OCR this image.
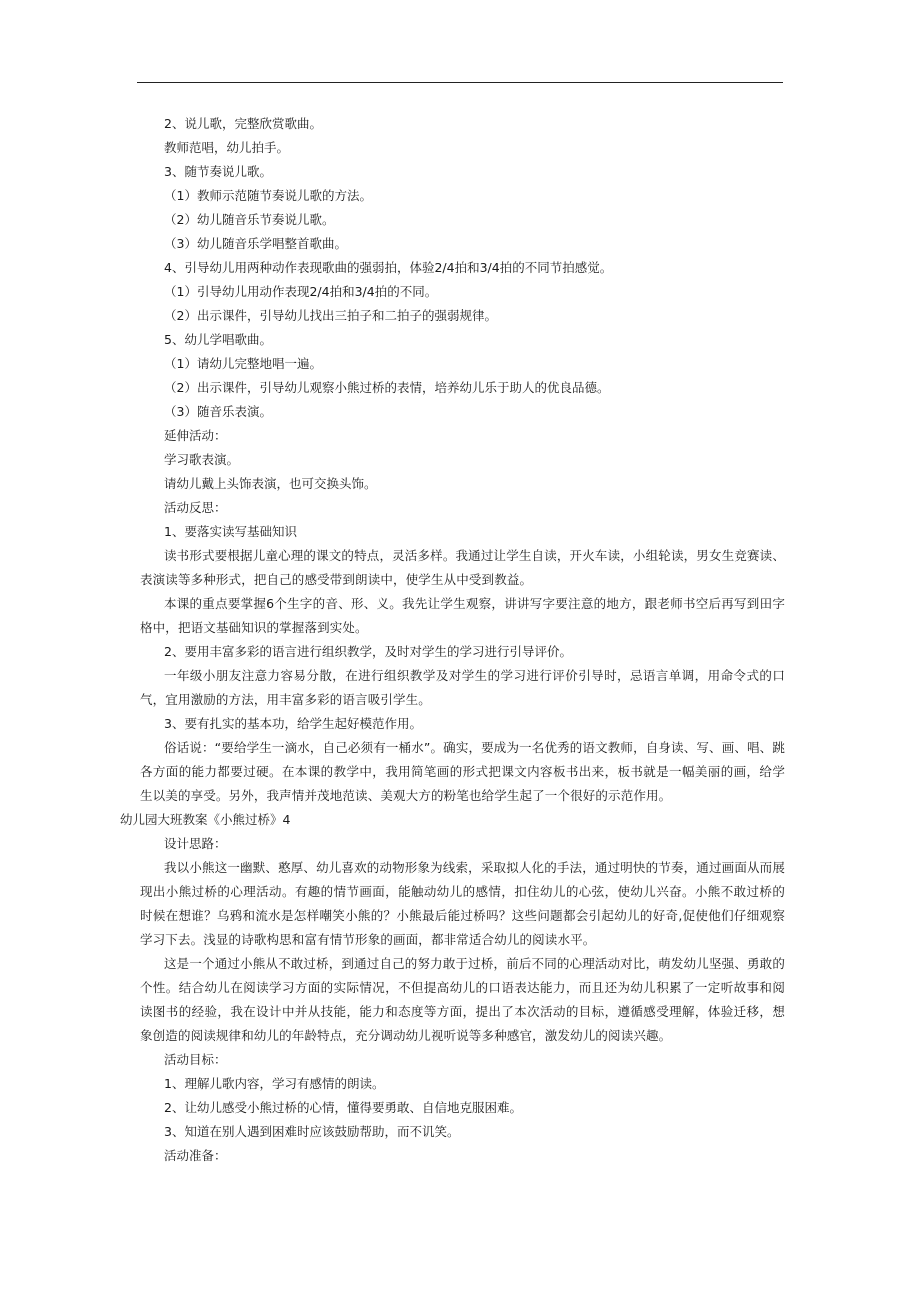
2、说儿歌，完整欣赏歌曲。
教师范唱，幼儿拍手。
3、随节奏说儿歌。
（1）教师示范随节奏说儿歌的方法。
（2）幼儿随音乐节奏说儿歌。
（3）幼儿随音乐学唱整首歌曲。
4、引导幼儿用两种动作表现歌曲的强弱拍，体验2/4拍和3/4拍的不同节拍感觉。
（1）引导幼儿用动作表现2/4拍和3/4拍的不同。
（2）出示课件，引导幼儿找出三拍子和二拍子的强弱规律。
5、幼儿学唱歌曲。
（1）请幼儿完整地唱一遍。
（2）出示课件，引导幼儿观察小熊过桥的表情，培养幼儿乐于助人的优良品德。
（3）随音乐表演。
延伸活动：
学习歌表演。
请幼儿戴上头饰表演，也可交换头饰。
活动反思：
1、要落实读写基础知识
读书形式要根据儿童心理的课文的特点，灵活多样。我通过让学生自读，开火车读，小组轮读，男女生竞赛读、表演读等多种形式，把自己的感受带到朗读中，使学生从中受到教益。
本课的重点要掌握6个生字的音、形、义。我先让学生观察，讲讲写字要注意的地方，跟老师书空后再写到田字格中，把语文基础知识的掌握落到实处。
2、要用丰富多彩的语言进行组织教学，及时对学生的学习进行引导评价。
一年级小朋友注意力容易分散，在进行组织教学及对学生的学习进行评价引导时，忌语言单调，用命令式的口气，宜用激励的方法，用丰富多彩的语言吸引学生。
3、要有扎实的基本功，给学生起好模范作用。
俗话说：“要给学生一滴水，自己必须有一桶水”。确实，要成为一名优秀的语文教师，自身读、写、画、唱、跳各方面的能力都要过硬。在本课的教学中，我用简笔画的形式把课文内容板书出来，板书就是一幅美丽的画，给学生以美的享受。另外，我声情并茂地范读、美观大方的粉笔也给学生起了一个很好的示范作用。
幼儿园大班教案《小熊过桥》4
设计思路：
我以小熊这一幽默、憨厚、幼儿喜欢的动物形象为线索，采取拟人化的手法，通过明快的节奏，通过画面从而展现出小熊过桥的心理活动。有趣的情节画面，能触动幼儿的感情，扣住幼儿的心弦，使幼儿兴奋。小熊不敢过桥的时候在想谁？乌鸦和流水是怎样嘲笑小熊的？小熊最后能过桥吗？这些问题都会引起幼儿的好奇,促使他们仔细观察学习下去。浅显的诗歌构思和富有情节形象的画面，都非常适合幼儿的阅读水平。
这是一个通过小熊从不敢过桥，到通过自己的努力敢于过桥，前后不同的心理活动对比，萌发幼儿坚强、勇敢的个性。结合幼儿在阅读学习方面的实际情况，不但提高幼儿的口语表达能力，而且还为幼儿积累了一定听故事和阅读图书的经验，我在设计中并从技能，能力和态度等方面，提出了本次活动的目标，遵循感受理解，体验迁移，想象创造的阅读规律和幼儿的年龄特点，充分调动幼儿视听说等多种感官，激发幼儿的阅读兴趣。
活动目标：
1、理解儿歌内容，学习有感情的朗读。
2、让幼儿感受小熊过桥的心情，懂得要勇敢、自信地克服困难。
3、知道在别人遇到困难时应该鼓励帮助，而不讥笑。
活动准备：
